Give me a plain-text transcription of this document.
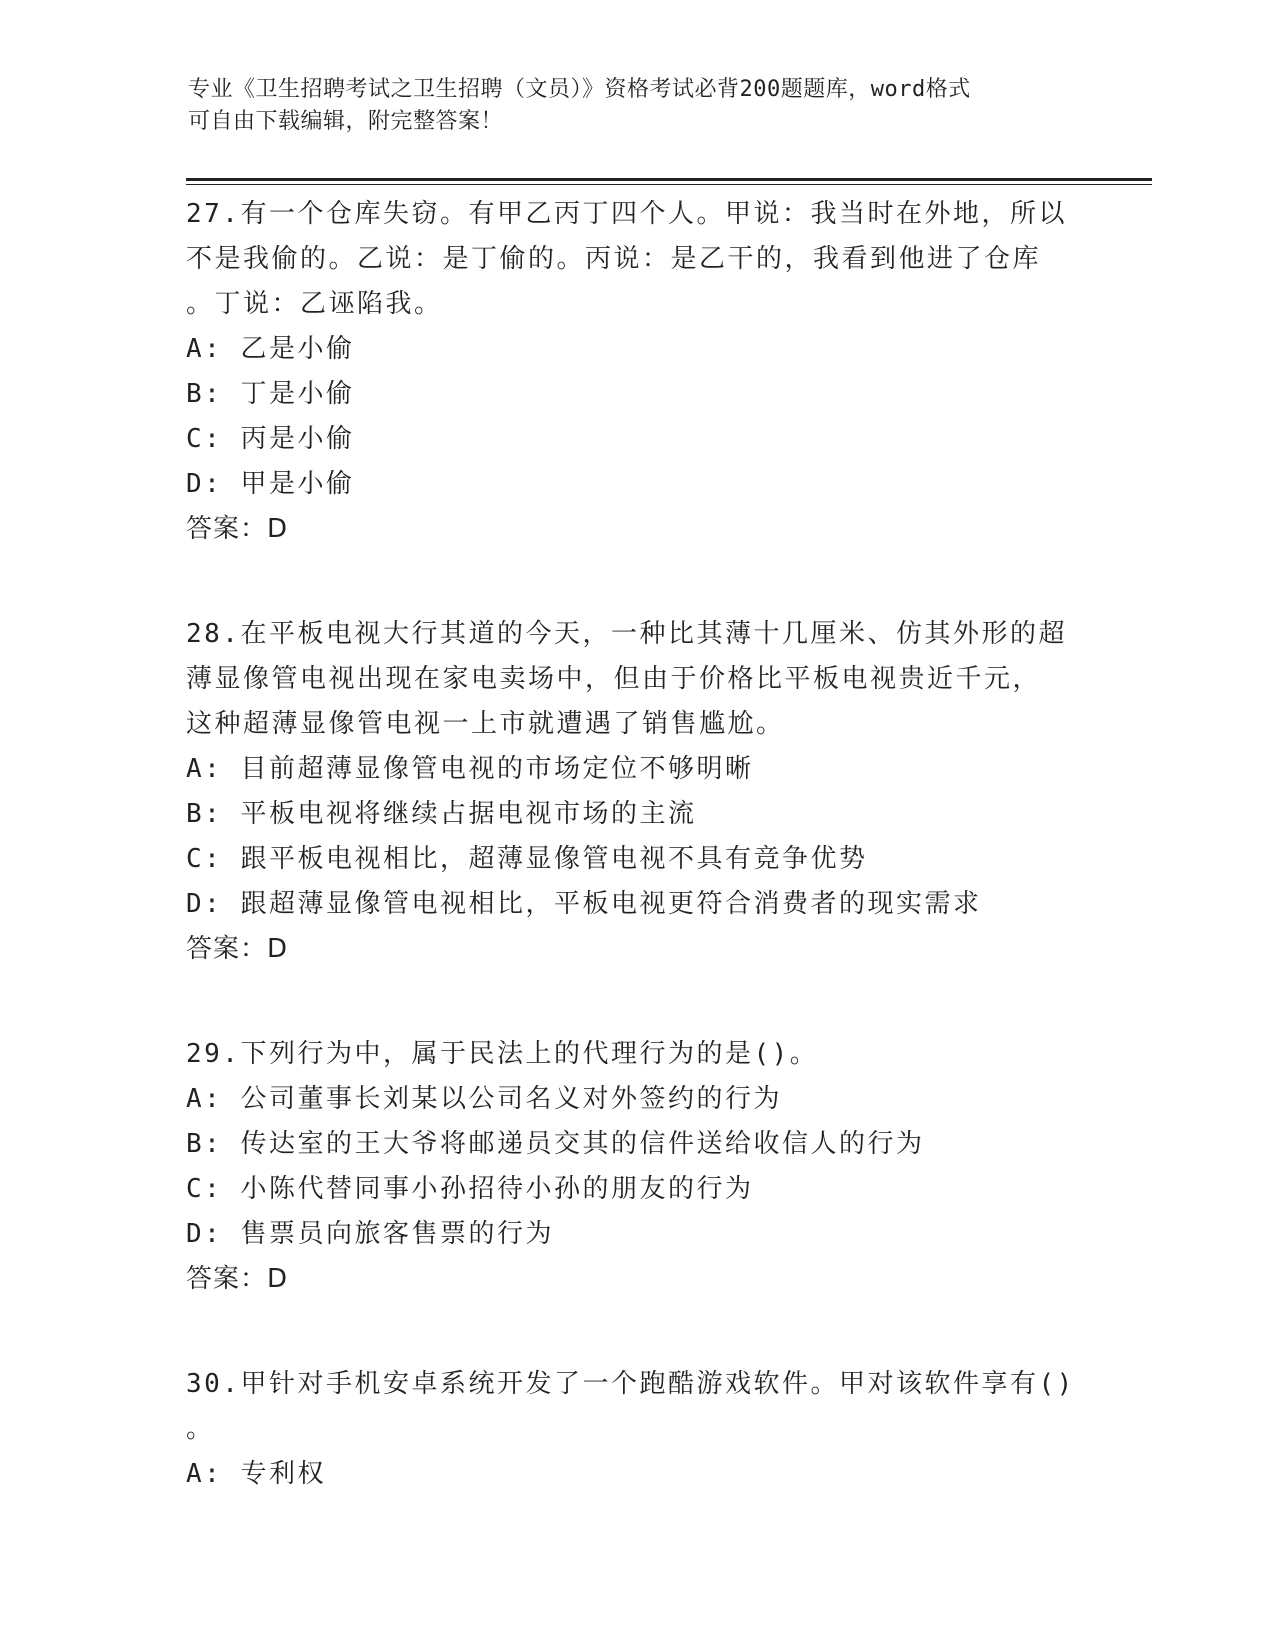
专业《卫生招聘考试之卫生招聘（文员）》资格考试必背200题题库，word格式
可自由下载编辑，附完整答案！
27.有一个仓库失窃。有甲乙丙丁四个人。甲说：我当时在外地，所以
不是我偷的。乙说：是丁偷的。丙说：是乙干的，我看到他进了仓库
。丁说：乙诬陷我。
A: 乙是小偷
B: 丁是小偷
C: 丙是小偷
D: 甲是小偷
答案：D
28.在平板电视大行其道的今天，一种比其薄十几厘米、仿其外形的超
薄显像管电视出现在家电卖场中，但由于价格比平板电视贵近千元，
这种超薄显像管电视一上市就遭遇了销售尴尬。
A: 目前超薄显像管电视的市场定位不够明晰
B: 平板电视将继续占据电视市场的主流
C: 跟平板电视相比，超薄显像管电视不具有竞争优势
D: 跟超薄显像管电视相比，平板电视更符合消费者的现实需求
答案：D
29.下列行为中，属于民法上的代理行为的是()。
A: 公司董事长刘某以公司名义对外签约的行为
B: 传达室的王大爷将邮递员交其的信件送给收信人的行为
C: 小陈代替同事小孙招待小孙的朋友的行为
D: 售票员向旅客售票的行为
答案：D
30.甲针对手机安卓系统开发了一个跑酷游戏软件。甲对该软件享有()
。
A: 专利权
